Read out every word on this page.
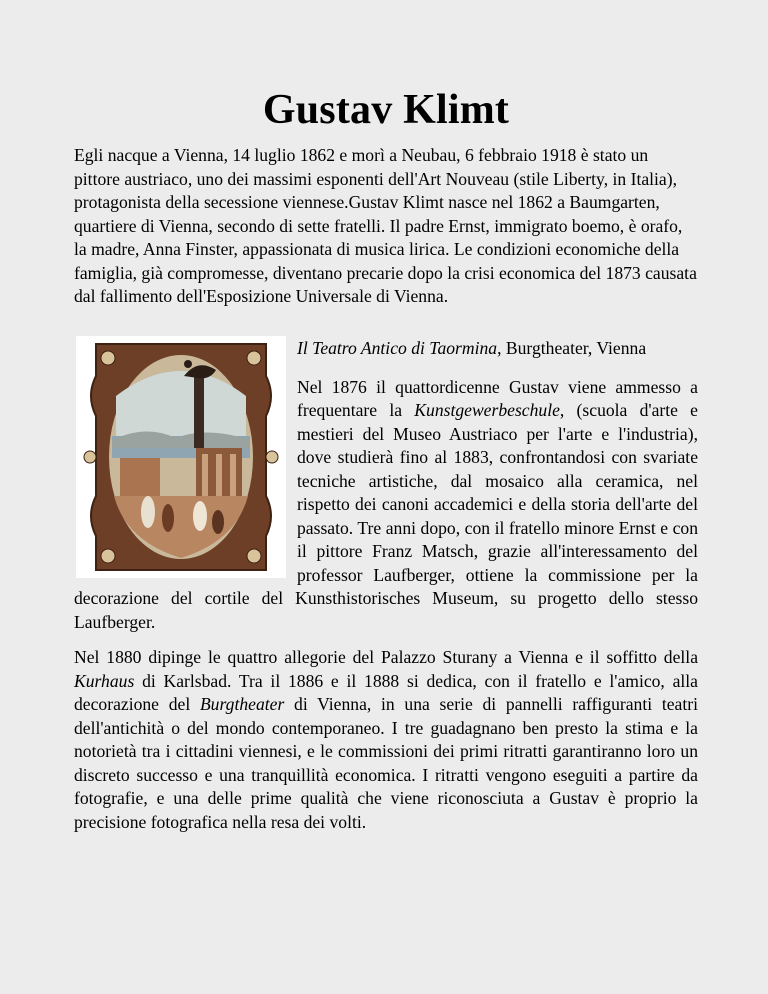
Gustav Klimt

Egli nacque a Vienna, 14 luglio 1862 e morì a Neubau, 6 febbraio 1918 è stato un pittore austriaco, uno dei massimi esponenti dell'Art Nouveau (stile Liberty, in Italia), protagonista della secessione viennese.Gustav Klimt nasce nel 1862 a Baumgarten, quartiere di Vienna, secondo di sette fratelli. Il padre Ernst, immigrato boemo, è orafo, la madre, Anna Finster, appassionata di musica lirica. Le condizioni economiche della famiglia, già compromesse, diventano precarie dopo la crisi economica del 1873 causata dal fallimento dell'Esposizione Universale di Vienna.

Il Teatro Antico di Taormina, Burgtheater, Vienna

Nel 1876 il quattordicenne Gustav viene ammesso a frequentare la Kunstgewerbeschule, (scuola d'arte e mestieri del Museo Austriaco per l'arte e l'industria), dove studierà fino al 1883, confrontandosi con svariate tecniche artistiche, dal mosaico alla ceramica, nel rispetto dei canoni accademici e della storia dell'arte del passato. Tre anni dopo, con il fratello minore Ernst e con il pittore Franz Matsch, grazie all'interessamento del professor Laufberger, ottiene la commissione per la decorazione del cortile del Kunsthistorisches Museum, su progetto dello stesso Laufberger.

Nel 1880 dipinge le quattro allegorie del Palazzo Sturany a Vienna e il soffitto della Kurhaus di Karlsbad. Tra il 1886 e il 1888 si dedica, con il fratello e l'amico, alla decorazione del Burgtheater di Vienna, in una serie di pannelli raffiguranti teatri dell'antichità o del mondo contemporaneo. I tre guadagnano ben presto la stima e la notorietà tra i cittadini viennesi, e le commissioni dei primi ritratti garantiranno loro un discreto successo e una tranquillità economica. I ritratti vengono eseguiti a partire da fotografie, e una delle prime qualità che viene riconosciuta a Gustav è proprio la precisione fotografica nella resa dei volti.
